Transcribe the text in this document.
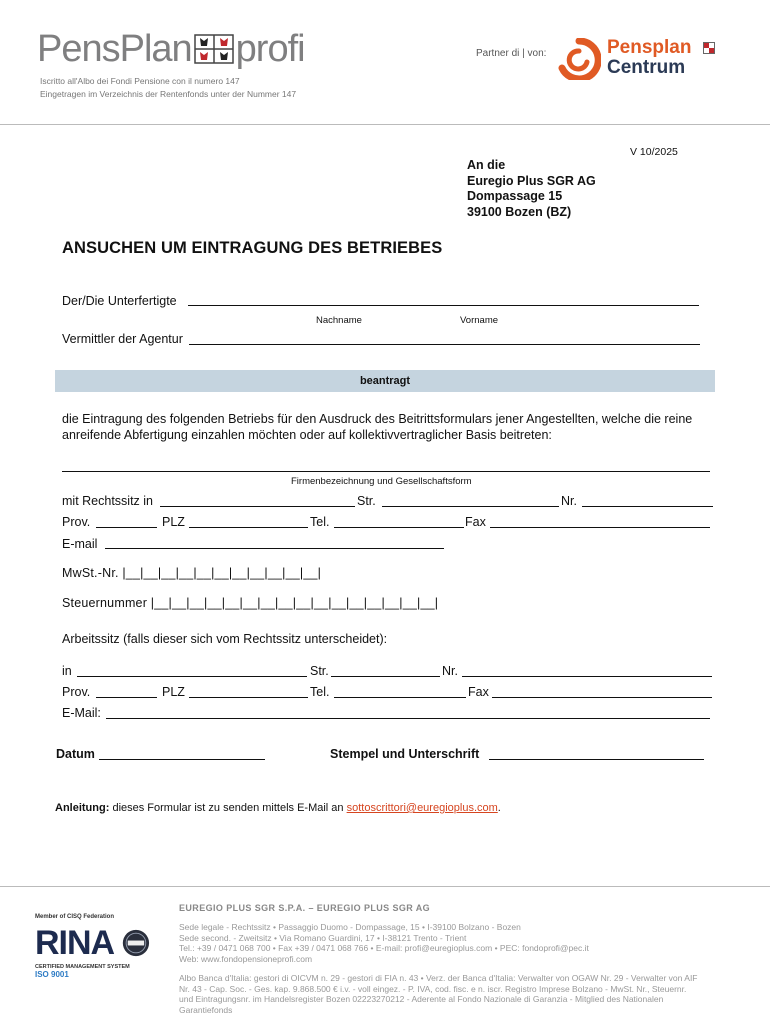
PensPlan profi
Iscritto all'Albo dei Fondi Pensione con il numero 147
Eingetragen im Verzeichnis der Rentenfonds unter der Nummer 147
Partner di | von:	Pensplan
Centrum
V 10/2025
An die
Euregio Plus SGR AG
Dompassage 15
39100 Bozen (BZ)
ANSUCHEN UM EINTRAGUNG DES BETRIEBES
Der/Die Unterfertigte
Nachname	Vorname
Vermittler der Agentur
beantragt
die Eintragung des folgenden Betriebs für den Ausdruck des Beitrittsformulars jener Angestellten, welche die reine anreifende Abfertigung einzahlen möchten oder auf kollektivvertraglicher Basis beitreten:
Firmenbezeichnung und Gesellschaftsform
mit Rechtssitz in	Str.	Nr.
Prov.	PLZ	Tel.	Fax
E-mail
MwSt.-Nr. |__|__|__|__|__|__|__|__|__|__|__|
Steuernummer |__|__|__|__|__|__|__|__|__|__|__|__|__|__|__|__|
Arbeitssitz (falls dieser sich vom Rechtssitz unterscheidet):
in	Str.	Nr.
Prov.	PLZ	Tel.	Fax
E-Mail:
Datum	Stempel und Unterschrift
Anleitung: dieses Formular ist zu senden mittels E-Mail an sottoscrittori@euregioplus.com.
Member of CISQ Federation
RINA
CERTIFIED MANAGEMENT SYSTEM
ISO 9001
EUREGIO PLUS SGR S.P.A. – EUREGIO PLUS SGR AG
Sede legale - Rechtssitz • Passaggio Duomo - Dompassage, 15 • I-39100 Bolzano - Bozen
Sede second. - Zweitsitz • Via Romano Guardini, 17 • I-38121 Trento - Trient
Tel.: +39 / 0471 068 700 • Fax +39 / 0471 068 766 • E-mail: profi@euregioplus.com • PEC: fondoprofi@pec.it
Web: www.fondopensioneprofi.com
Albo Banca d'Italia: gestori di OICVM n. 29 - gestori di FIA n. 43 • Verz. der Banca d'Italia: Verwalter von OGAW Nr. 29 - Verwalter von AIF
Nr. 43 - Cap. Soc. - Ges. kap. 9.868.500 € i.v. - voll eingez. - P. IVA, cod. fisc. e n. iscr. Registro Imprese Bolzano - MwSt. Nr., Steuernr.
und Eintragungsnr. im Handelsregister Bozen 02223270212 - Aderente al Fondo Nazionale di Garanzia - Mitglied des Nationalen
Garantiefonds
